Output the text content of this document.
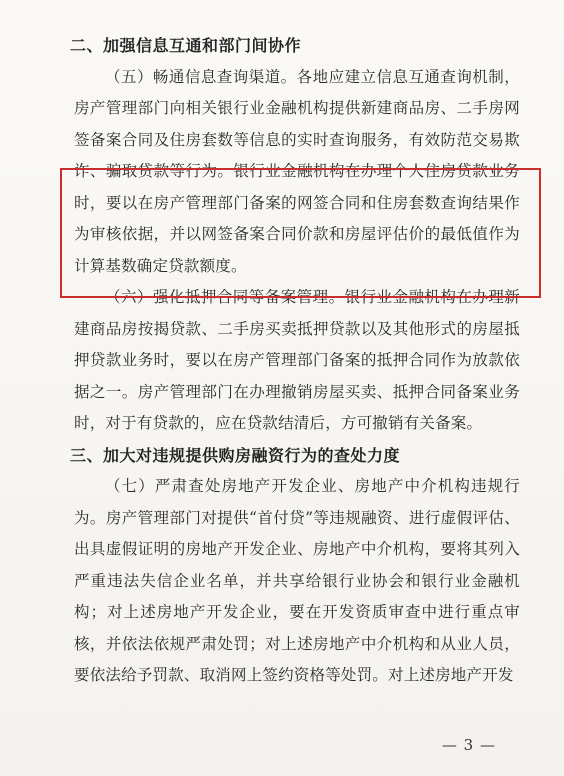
二、加强信息互通和部门间协作

（五）畅通信息查询渠道。各地应建立信息互通查询机制，房产管理部门向相关银行业金融机构提供新建商品房、二手房网签备案合同及住房套数等信息的实时查询服务，有效防范交易欺诈、骗取贷款等行为。银行业金融机构在办理个人住房贷款业务时，要以在房产管理部门备案的网签合同和住房套数查询结果作为审核依据，并以网签备案合同价款和房屋评估价的最低值作为计算基数确定贷款额度。

（六）强化抵押合同等备案管理。银行业金融机构在办理新建商品房按揭贷款、二手房买卖抵押贷款以及其他形式的房屋抵押贷款业务时，要以在房产管理部门备案的抵押合同作为放款依据之一。房产管理部门在办理撤销房屋买卖、抵押合同备案业务时，对于有贷款的，应在贷款结清后，方可撤销有关备案。

三、加大对违规提供购房融资行为的查处力度

（七）严肃查处房地产开发企业、房地产中介机构违规行为。房产管理部门对提供“首付贷”等违规融资、进行虚假评估、出具虚假证明的房地产开发企业、房地产中介机构，要将其列入严重违法失信企业名单，并共享给银行业协会和银行业金融机构；对上述房地产开发企业，要在开发资质审查中进行重点审核，并依法依规严肃处罚；对上述房地产中介机构和从业人员，要依法给予罚款、取消网上签约资格等处罚。对上述房地产开发

— 3 —
